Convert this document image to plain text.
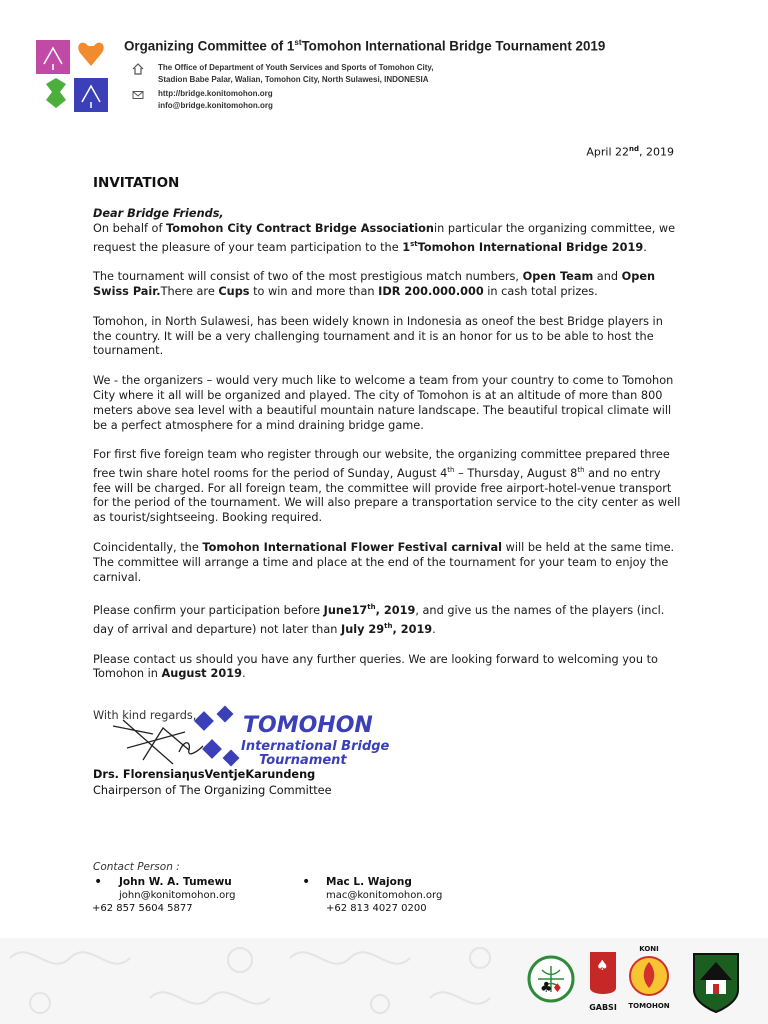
Organizing Committee of 1stTomohon International Bridge Tournament 2019
The Office of Department of Youth Services and Sports of Tomohon City,
Stadion Babe Palar, Walian, Tomohon City, North Sulawesi, INDONESIA
http://bridge.konitomohon.org
info@bridge.konitomohon.org
April 22nd, 2019
INVITATION

Dear Bridge Friends,
On behalf of Tomohon City Contract Bridge Associationin particular the organizing committee, we request the pleasure of your team participation to the 1stTomohon International Bridge 2019.

The tournament will consist of two of the most prestigious match numbers, Open Team and Open Swiss Pair.There are Cups to win and more than IDR 200.000.000 in cash total prizes.

Tomohon, in North Sulawesi, has been widely known in Indonesia as oneof the best Bridge players in the country. It will be a very challenging tournament and it is an honor for us to be able to host the tournament.

We - the organizers – would very much like to welcome a team from your country to come to Tomohon City where it all will be organized and played. The city of Tomohon is at an altitude of more than 800 meters above sea level with a beautiful mountain nature landscape. The beautiful tropical climate will be a perfect atmosphere for a mind draining bridge game.

For first five foreign team who register through our website, the organizing committee prepared three free twin share hotel rooms for the period of Sunday, August 4th – Thursday, August 8th and no entry fee will be charged. For all foreign team, the committee will provide free airport-hotel-venue transport for the period of the tournament. We will also prepare a transportation service to the city center as well as tourist/sightseeing. Booking required.

Coincidentally, the Tomohon International Flower Festival carnival will be held at the same time. The committee will arrange a time and place at the end of the tournament for your team to enjoy the carnival.

Please confirm your participation before June17th, 2019, and give us the names of the players (incl. day of arrival and departure) not later than July 29th, 2019.

Please contact us should you have any further queries. We are looking forward to welcoming you to Tomohon in August 2019.

With kind regards, TOMOHON
International Bridge
Tournament
Drs. FlorensiaηusVentjeKarundeng
Chairperson of The Organizing Committee
Contact Person :
• John W. A. Tumewu
john@konitomohon.org
+62 857 5604 5877
• Mac L. Wajong
mac@konitomohon.org
+62 813 4027 0200
♣ ♦
♠
GABSI
KONI
TOMOHON
